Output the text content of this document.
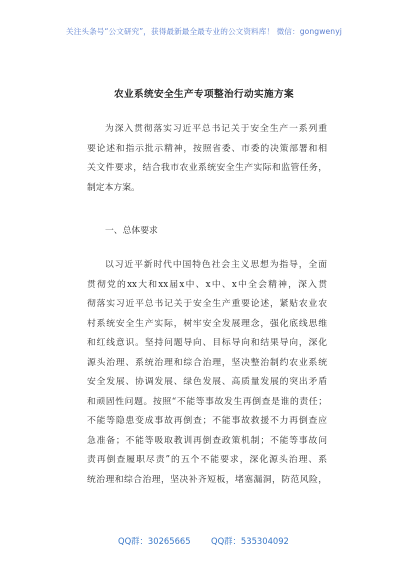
关注头条号“公文研究”，获得最新最全最专业的公文资料库！ 微信：gongwenyj
农业系统安全生产专项整治行动实施方案
为深入贯彻落实习近平总书记关于安全生产一系列重
要论述和指示批示精神，按照省委、市委的决策部署和相
关文件要求，结合我市农业系统安全生产实际和监管任务，
制定本方案。
一、总体要求
以习近平新时代中国特色社会主义思想为指导，全面
贯彻党的xx大和xx届x中、x中、x中全会精神，深入贯
彻落实习近平总书记关于安全生产重要论述，紧贴农业农
村系统安全生产实际，树牢安全发展理念，强化底线思维
和红线意识。坚持问题导向、目标导向和结果导向，深化
源头治理、系统治理和综合治理，坚决整治制约农业系统
安全发展、协调发展、绿色发展、高质量发展的突出矛盾
和顽固性问题。按照“不能等事故发生再倒查是谁的责任；
不能等隐患变成事故再倒查；不能事故救援不力再倒查应
急准备；不能等吸取教训再倒查政策机制；不能等事故问
责再倒查履职尽责”的五个不能要求，深化源头治理、系
统治理和综合治理，坚决补齐短板，堵塞漏洞，防范风险，
QQ群：30265665 QQ群：535304092
